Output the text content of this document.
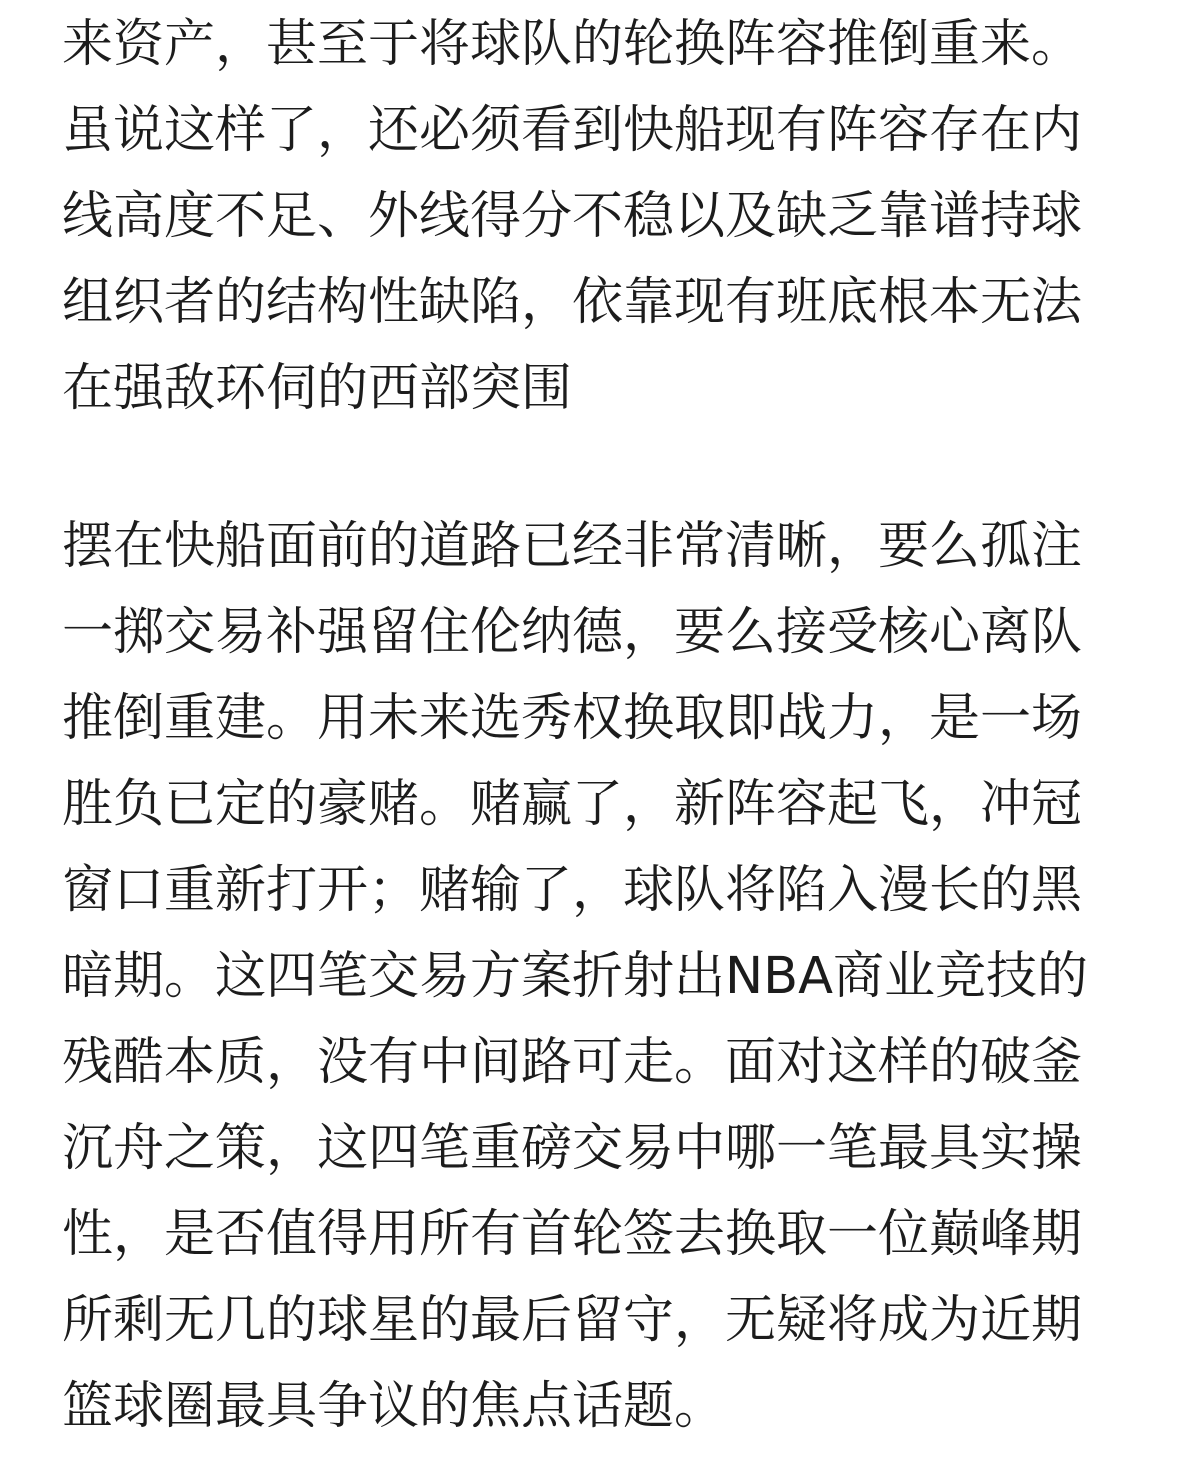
来资产，甚至于将球队的轮换阵容推倒重来。
虽说这样了，还必须看到快船现有阵容存在内
线高度不足、外线得分不稳以及缺乏靠谱持球
组织者的结构性缺陷，依靠现有班底根本无法
在强敌环伺的西部突围
摆在快船面前的道路已经非常清晰，要么孤注
一掷交易补强留住伦纳德，要么接受核心离队
推倒重建。用未来选秀权换取即战力，是一场
胜负已定的豪赌。赌赢了，新阵容起飞，冲冠
窗口重新打开；赌输了，球队将陷入漫长的黑
暗期。这四笔交易方案折射出NBA商业竞技的
残酷本质，没有中间路可走。面对这样的破釜
沉舟之策，这四笔重磅交易中哪一笔最具实操
性，是否值得用所有首轮签去换取一位巅峰期
所剩无几的球星的最后留守，无疑将成为近期
篮球圈最具争议的焦点话题。
